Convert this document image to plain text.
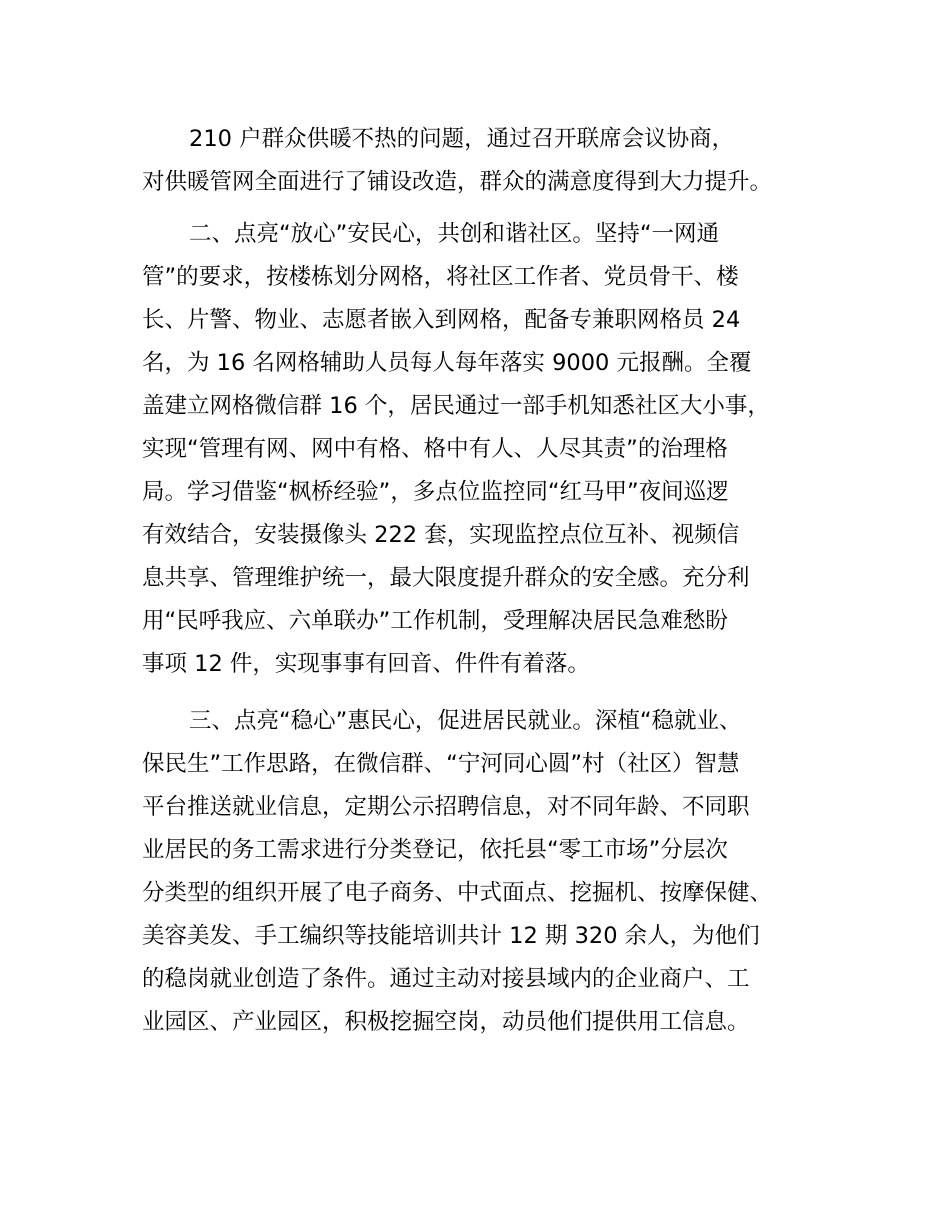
210 户群众供暖不热的问题，通过召开联席会议协商，
对供暖管网全面进行了铺设改造，群众的满意度得到大力提升。
二、点亮“放心”安民心，共创和谐社区。坚持“一网通
管”的要求，按楼栋划分网格，将社区工作者、党员骨干、楼
长、片警、物业、志愿者嵌入到网格，配备专兼职网格员 24
名，为 16 名网格辅助人员每人每年落实 9000 元报酬。全覆
盖建立网格微信群 16 个，居民通过一部手机知悉社区大小事，
实现“管理有网、网中有格、格中有人、人尽其责”的治理格
局。学习借鉴“枫桥经验”，多点位监控同“红马甲”夜间巡逻
有效结合，安装摄像头 222 套，实现监控点位互补、视频信
息共享、管理维护统一，最大限度提升群众的安全感。充分利
用“民呼我应、六单联办”工作机制，受理解决居民急难愁盼
事项 12 件，实现事事有回音、件件有着落。
三、点亮“稳心”惠民心，促进居民就业。深植“稳就业、
保民生”工作思路，在微信群、“宁河同心圆”村（社区）智慧
平台推送就业信息，定期公示招聘信息，对不同年龄、不同职
业居民的务工需求进行分类登记，依托县“零工市场”分层次
分类型的组织开展了电子商务、中式面点、挖掘机、按摩保健、
美容美发、手工编织等技能培训共计 12 期 320 余人，为他们
的稳岗就业创造了条件。通过主动对接县域内的企业商户、工
业园区、产业园区，积极挖掘空岗，动员他们提供用工信息。
